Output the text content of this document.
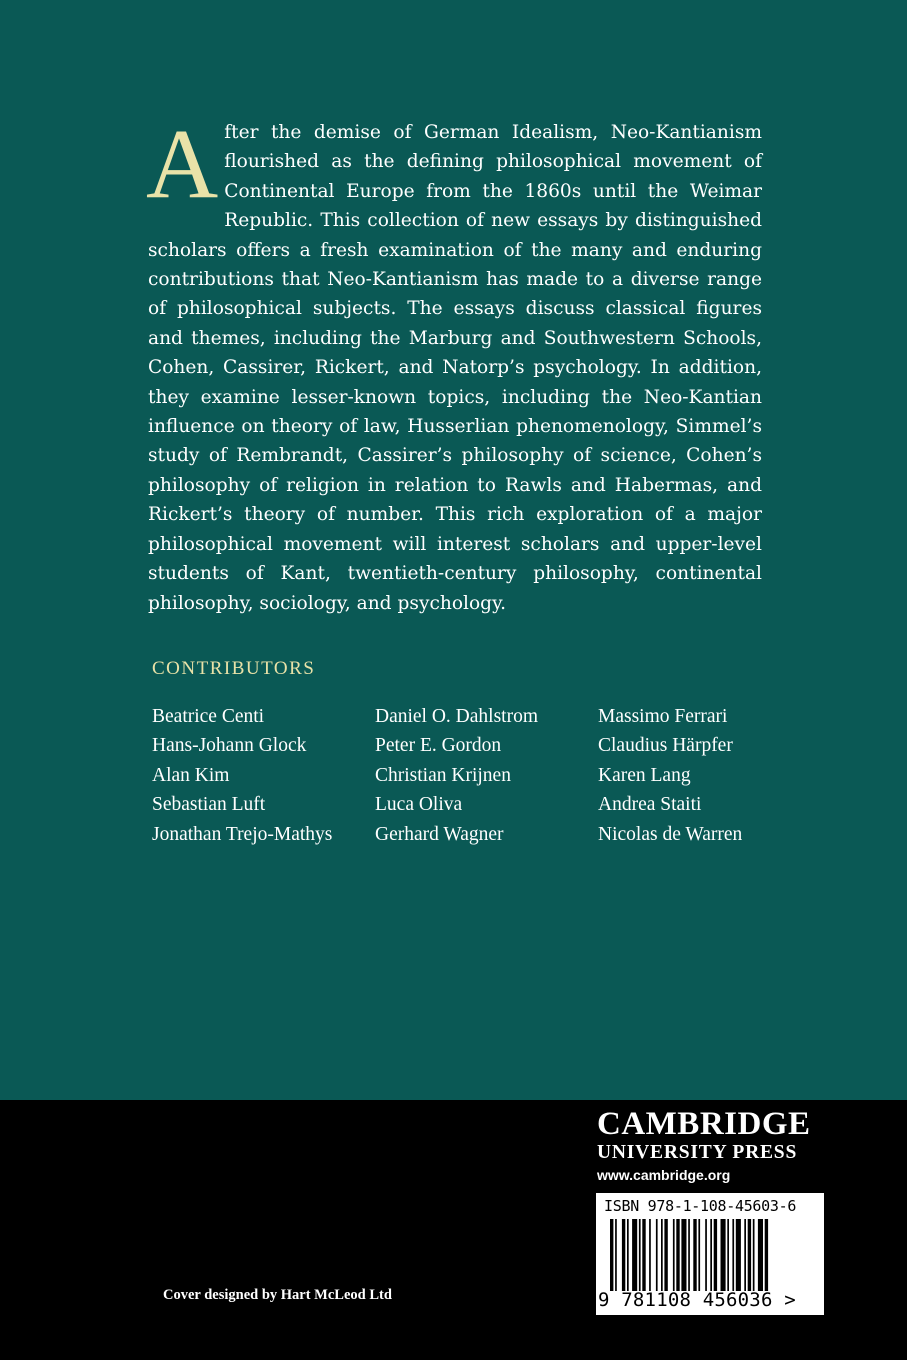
After the demise of German Idealism, Neo-Kantianism flourished as the defining philosophical movement of Continental Europe from the 1860s until the Weimar Republic. This collection of new essays by distinguished scholars offers a fresh examination of the many and enduring contributions that Neo-Kantianism has made to a diverse range of philosophical subjects. The essays discuss classical figures and themes, including the Marburg and Southwestern Schools, Cohen, Cassirer, Rickert, and Natorp’s psychology. In addition, they examine lesser-known topics, including the Neo-Kantian influence on theory of law, Husserlian phenomenology, Simmel’s study of Rembrandt, Cassirer’s philosophy of science, Cohen’s philosophy of religion in relation to Rawls and Habermas, and Rickert’s theory of number. This rich exploration of a major philosophical movement will interest scholars and upper-level students of Kant, twentieth-century philosophy, continental philosophy, sociology, and psychology.
CONTRIBUTORS
Beatrice Centi	Daniel O. Dahlstrom	Massimo Ferrari
Hans-Johann Glock	Peter E. Gordon	Claudius Härpfer
Alan Kim	Christian Krijnen	Karen Lang
Sebastian Luft	Luca Oliva	Andrea Staiti
Jonathan Trejo-Mathys	Gerhard Wagner	Nicolas de Warren
CAMBRIDGE
UNIVERSITY PRESS
www.cambridge.org
ISBN 978-1-108-45603-6
9 781108 456036 >
Cover designed by Hart McLeod Ltd
